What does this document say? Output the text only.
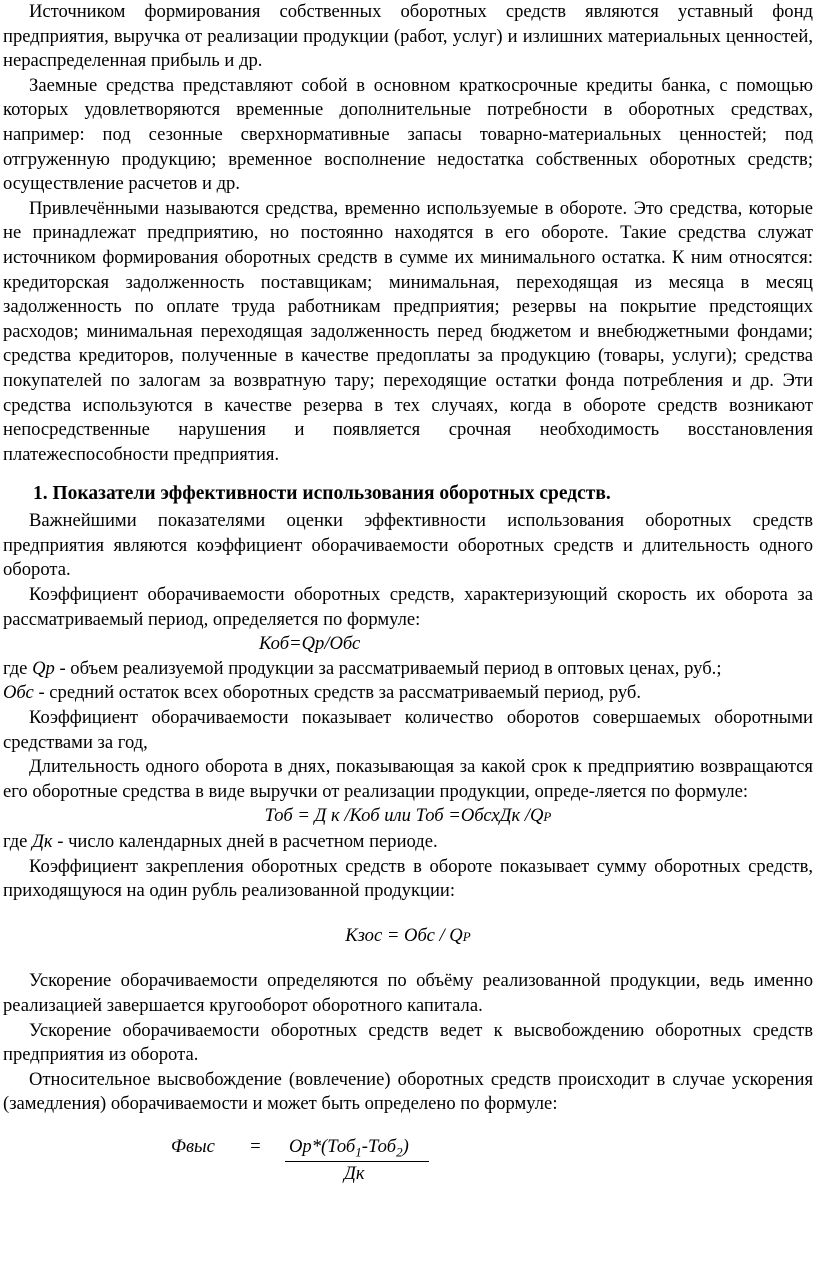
Источником формирования собственных оборотных средств являются уставный фонд предприятия, выручка от реализации продукции (работ, услуг) и излишних материальных ценностей, нераспределенная прибыль и др.

Заемные средства представляют собой в основном краткосрочные кредиты банка, с помощью которых удовлетворяются временные дополнительные потребности в оборотных средствах, например: под сезонные сверхнормативные запасы товарно-материальных ценностей; под отгруженную продукцию; временное восполнение недостатка собственных оборотных средств; осуществление расчетов и др.

Привлечёнными называются средства, временно используемые в обороте. Это средства, которые не принадлежат предприятию, но постоянно находятся в его обороте. Такие средства служат источником формирования оборотных средств в сумме их минимального остатка. К ним относятся: кредиторская задолженность поставщикам; минимальная, переходящая из месяца в месяц задолженность по оплате труда работникам предприятия; резервы на покрытие предстоящих расходов; минимальная переходящая задолженность перед бюджетом и внебюджетными фондами; средства кредиторов, полученные в качестве предоплаты за продукцию (товары, услуги); средства покупателей по залогам за возвратную тару; переходящие остатки фонда потребления и др. Эти средства используются в качестве резерва в тех случаях, когда в обороте средств возникают непосредственные нарушения и появляется срочная необходимость восстановления платежеспособности предприятия.

1. Показатели эффективности использования оборотных средств.

Важнейшими показателями оценки эффективности использования оборотных средств предприятия являются коэффициент оборачиваемости оборотных средств и длительность одного оборота.

Коэффициент оборачиваемости оборотных средств, характеризующий скорость их оборота за рассматриваемый период, определяется по формуле:

Коб=Qр/Обс

где Qр - объем реализуемой продукции за рассматриваемый период в оптовых ценах, руб.;

Обс - средний остаток всех оборотных средств за рассматриваемый период, руб.

Коэффициент оборачиваемости показывает количество оборотов совершаемых оборотными средствами за год,

Длительность одного оборота в днях, показывающая за какой срок к предприятию возвращаются его оборотные средства в виде выручки от реализации продукции, опреде-ляется по формуле:

Тоб = Д к /Коб или Тоб =ОбсхДк /QР

где Дк - число календарных дней в расчетном периоде.

Коэффициент закрепления оборотных средств в обороте показывает сумму оборотных средств, приходящуюся на один рубль реализованной продукции:

Кзос = Обс / QР

Ускорение оборачиваемости определяются по объёму реализованной продукции, ведь именно реализацией завершается кругооборот оборотного капитала.

Ускорение оборачиваемости оборотных средств ведет к высвобождению оборотных средств предприятия из оборота.

Относительное высвобождение (вовлечение) оборотных средств происходит в случае ускорения (замедления) оборачиваемости и может быть определено по формуле:

Фвыс = Ор*(Тоб$_1$-Тоб$_2$)
Дк
